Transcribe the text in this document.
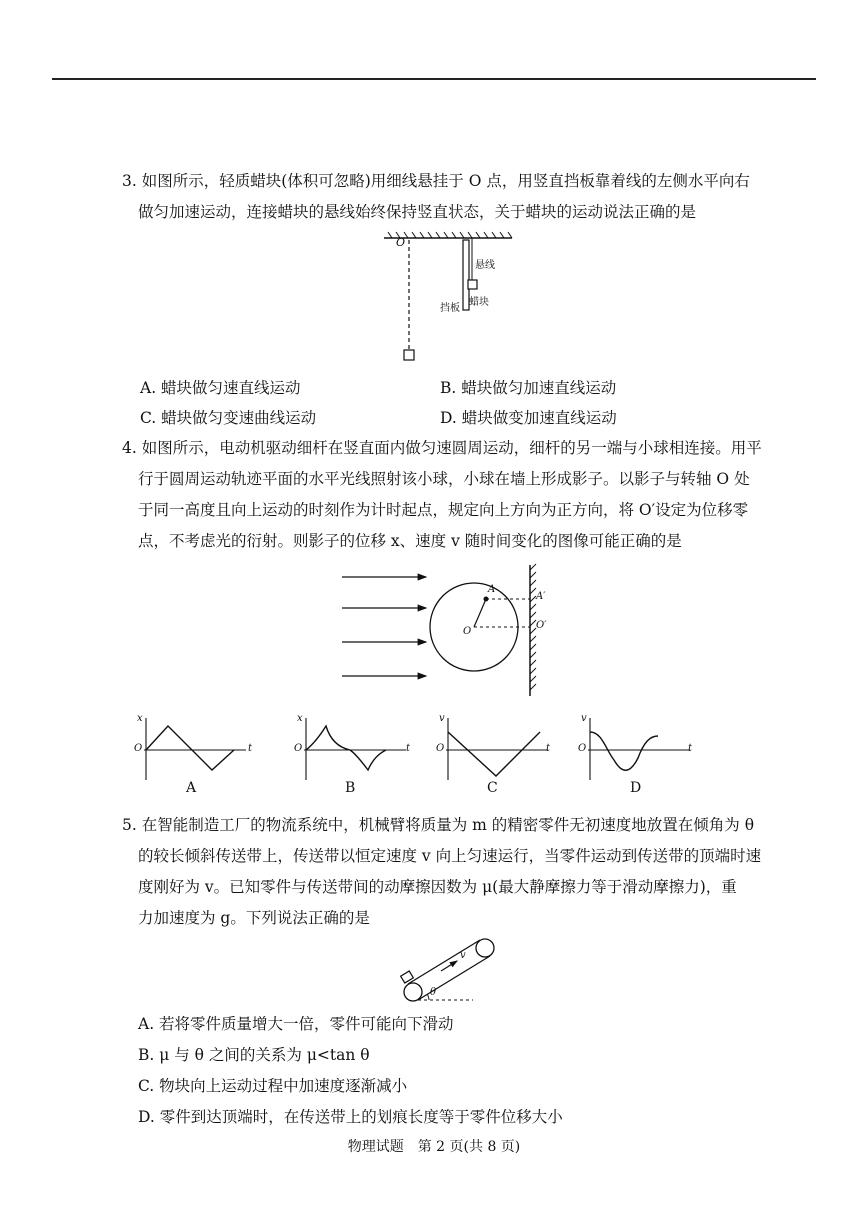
3. 如图所示，轻质蜡块(体积可忽略)用细线悬挂于 O 点，用竖直挡板靠着线的左侧水平向右
做匀加速运动，连接蜡块的悬线始终保持竖直状态，关于蜡块的运动说法正确的是
O
悬线
蜡块
挡板
A. 蜡块做匀速直线运动	B. 蜡块做匀加速直线运动
C. 蜡块做匀变速曲线运动	D. 蜡块做变加速直线运动
4. 如图所示，电动机驱动细杆在竖直面内做匀速圆周运动，细杆的另一端与小球相连接。用平
行于圆周运动轨迹平面的水平光线照射该小球，小球在墙上形成影子。以影子与转轴 O 处
于同一高度且向上运动的时刻作为计时起点，规定向上方向为正方向，将 O′设定为位移零
点，不考虑光的衍射。则影子的位移 x、速度 v 随时间变化的图像可能正确的是
A
O
A′
O′
x
O	t
A
x
O	t
B
v
O	t
C
v
O	t
D
5. 在智能制造工厂的物流系统中，机械臂将质量为 m 的精密零件无初速度地放置在倾角为 θ
的较长倾斜传送带上，传送带以恒定速度 v 向上匀速运行，当零件运动到传送带的顶端时速
度刚好为 v。已知零件与传送带间的动摩擦因数为 μ(最大静摩擦力等于滑动摩擦力)，重
力加速度为 g。下列说法正确的是
v
θ
A. 若将零件质量增大一倍，零件可能向下滑动
B. μ 与 θ 之间的关系为 μ<tan θ
C. 物块向上运动过程中加速度逐渐减小
D. 零件到达顶端时，在传送带上的划痕长度等于零件位移大小
物理试题　第 2 页(共 8 页)
